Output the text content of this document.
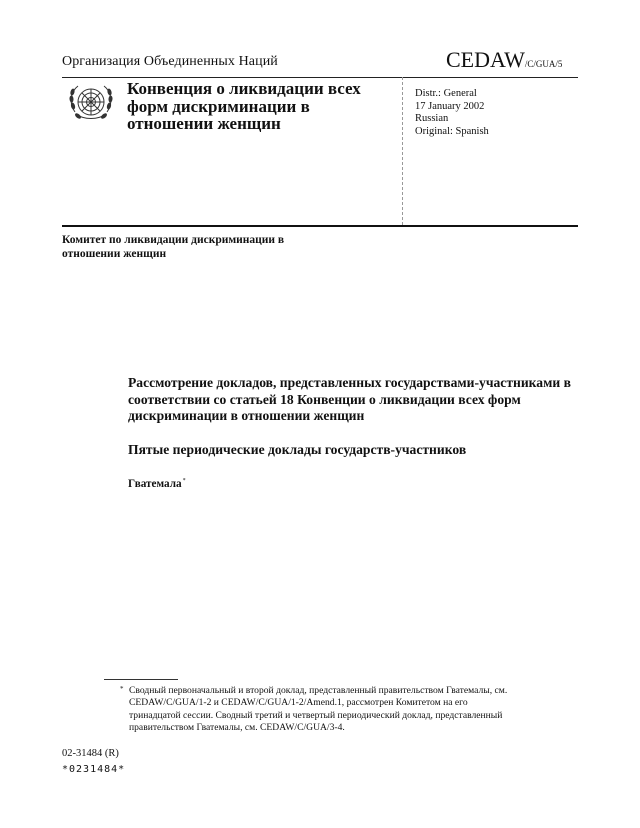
Организация Объединенных Наций	CEDAW/C/GUA/5
Конвенция о ликвидации всех форм дискриминации в отношении женщин
Distr.: General
17 January 2002
Russian
Original: Spanish
Комитет по ликвидации дискриминации в отношении женщин
Рассмотрение докладов, представленных государствами-участниками в соответствии со статьей 18 Конвенции о ликвидации всех форм дискриминации в отношении женщин
Пятые периодические доклады государств-участников
Гватемала*
* Сводный первоначальный и второй доклад, представленный правительством Гватемалы, см. CEDAW/C/GUA/1-2 и CEDAW/C/GUA/1-2/Amend.1, рассмотрен Комитетом на его тринадцатой сессии. Сводный третий и четвертый периодический доклад, представленный правительством Гватемалы, см. CEDAW/C/GUA/3-4.
02-31484 (R)
*0231484*
